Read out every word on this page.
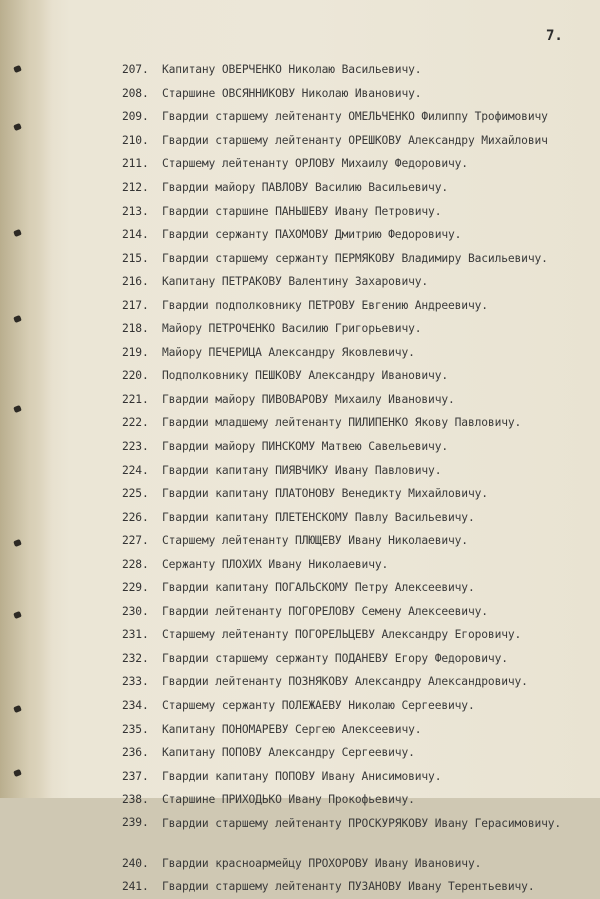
7.
207.	Капитану ОВЕРЧЕНКО Николаю Васильевичу.
208.	Старшине ОВСЯННИКОВУ Николаю Ивановичу.
209.	Гвардии старшему лейтенанту ОМЕЛЬЧЕНКО Филиппу Трофимовичу
210.	Гвардии старшему лейтенанту ОРЕШКОВУ Александру Михайлович
211.	Старшему лейтенанту ОРЛОВУ Михаилу Федоровичу.
212.	Гвардии майору ПАВЛОВУ Василию Васильевичу.
213.	Гвардии старшине ПАНЬШЕВУ Ивану Петровичу.
214.	Гвардии сержанту ПАХОМОВУ Дмитрию Федоровичу.
215.	Гвардии старшему сержанту ПЕРМЯКОВУ Владимиру Васильевичу.
216.	Капитану ПЕТРАКОВУ Валентину Захаровичу.
217.	Гвардии подполковнику ПЕТРОВУ Евгению Андреевичу.
218.	Майору ПЕТРОЧЕНКО Василию Григорьевичу.
219.	Майору ПЕЧЕРИЦА Александру Яковлевичу.
220.	Подполковнику ПЕШКОВУ Александру Ивановичу.
221.	Гвардии майору ПИВОВАРОВУ Михаилу Ивановичу.
222.	Гвардии младшему лейтенанту ПИЛИПЕНКО Якову Павловичу.
223.	Гвардии майору ПИНСКОМУ Матвею Савельевичу.
224.	Гвардии капитану ПИЯВЧИКУ Ивану Павловичу.
225.	Гвардии капитану ПЛАТОНОВУ Венедикту Михайловичу.
226.	Гвардии капитану ПЛЕТЕНСКОМУ Павлу Васильевичу.
227.	Старшему лейтенанту ПЛЮЩЕВУ Ивану Николаевичу.
228.	Сержанту ПЛОХИХ Ивану Николаевичу.
229.	Гвардии капитану ПОГАЛЬСКОМУ Петру Алексеевичу.
230.	Гвардии лейтенанту ПОГОРЕЛОВУ Семену Алексеевичу.
231.	Старшему лейтенанту ПОГОРЕЛЬЦЕВУ Александру Егоровичу.
232.	Гвардии старшему сержанту ПОДАНЕВУ Егору Федоровичу.
233.	Гвардии лейтенанту ПОЗНЯКОВУ Александру Александровичу.
234.	Старшему сержанту ПОЛЕЖАЕВУ Николаю Сергеевичу.
235.	Капитану ПОНОМАРЕВУ Сергею Алексеевичу.
236.	Капитану ПОПОВУ Александру Сергеевичу.
237.	Гвардии капитану ПОПОВУ Ивану Анисимовичу.
238.	Старшине ПРИХОДЬКО Ивану Прокофьевичу.
239.	Гвардии старшему лейтенанту ПРОСКУРЯКОВУ Ивану Герасимовичу.
240.	Гвардии красноармейцу ПРОХОРОВУ Ивану Ивановичу.
241.	Гвардии старшему лейтенанту ПУЗАНОВУ Ивану Терентьевичу.
